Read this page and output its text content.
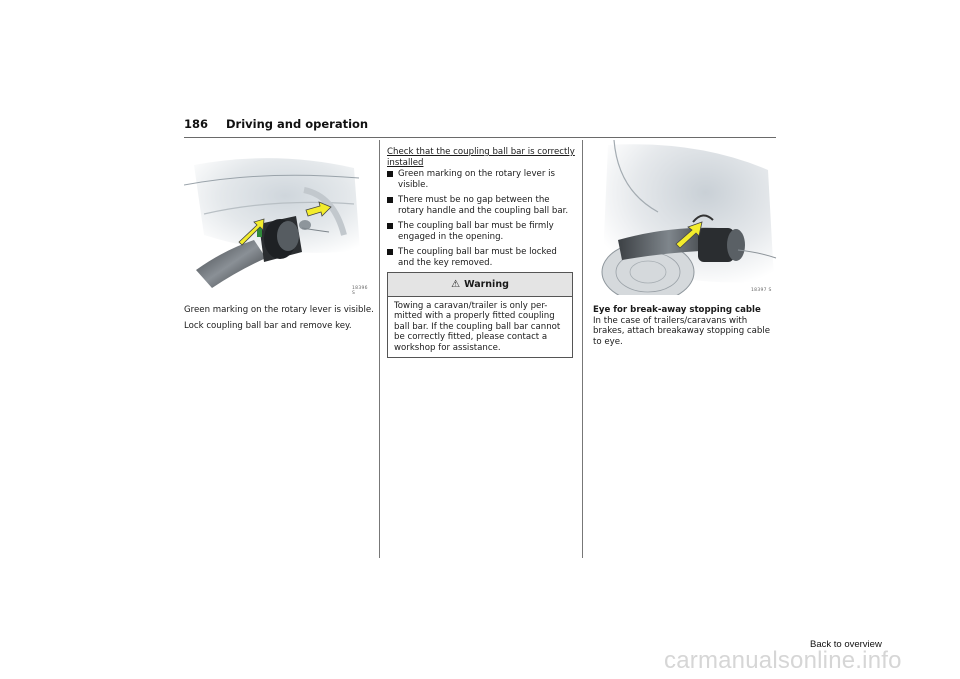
186 Driving and operation
18396 S
Green marking on the rotary lever is visible.
Lock coupling ball bar and remove key.
Check that the coupling ball bar is correctly installed
Green marking on the rotary lever is visible.
There must be no gap between the rotary handle and the coupling ball bar.
The coupling ball bar must be firmly engaged in the opening.
The coupling ball bar must be locked and the key removed.
⚠ Warning
Towing a caravan/trailer is only per-mitted with a properly fitted coupling ball bar. If the coupling ball bar cannot be correctly fitted, please contact a workshop for assistance.
18397 S
Eye for break-away stopping cable
In the case of trailers/caravans with brakes, attach breakaway stopping cable to eye.
Back to overview
carmanualsonline.info
